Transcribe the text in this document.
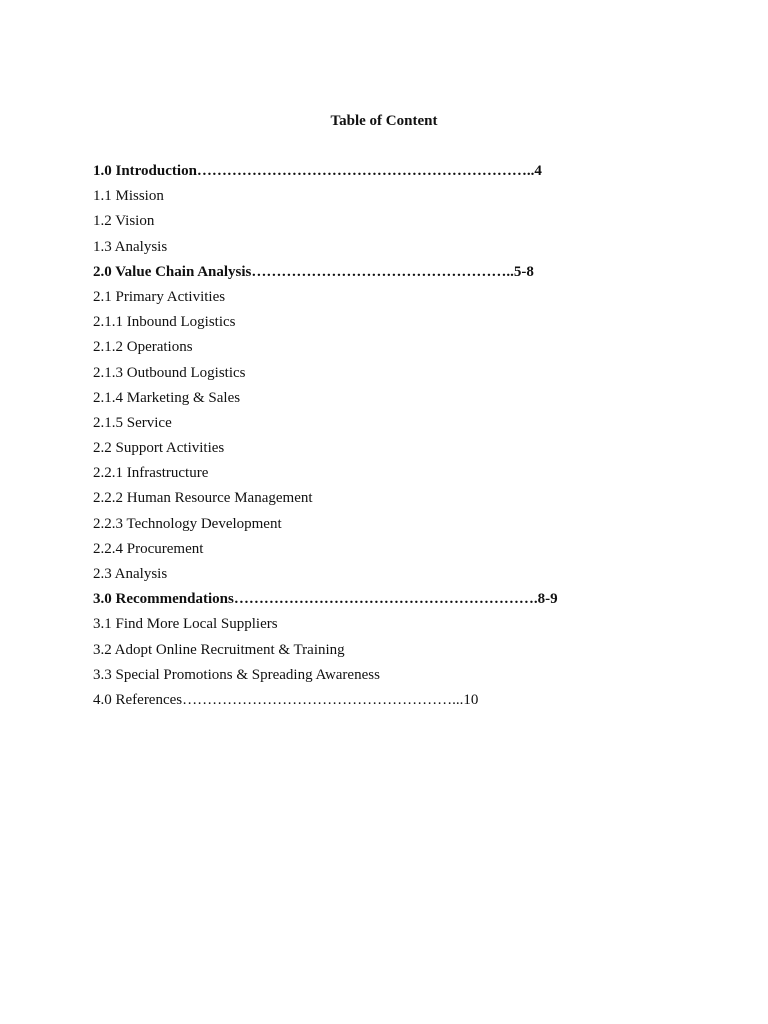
Table of Content
1.0 Introduction…………………………………………………………..4
1.1 Mission
1.2 Vision
1.3 Analysis
2.0 Value Chain Analysis……………………………………………..5-8
2.1 Primary Activities
2.1.1 Inbound Logistics
2.1.2 Operations
2.1.3 Outbound Logistics
2.1.4 Marketing & Sales
2.1.5 Service
2.2 Support Activities
2.2.1 Infrastructure
2.2.2 Human Resource Management
2.2.3 Technology Development
2.2.4 Procurement
2.3 Analysis
3.0 Recommendations…………………………………………………….8-9
3.1 Find More Local Suppliers
3.2 Adopt Online Recruitment & Training
3.3 Special Promotions & Spreading Awareness
4.0 References………………………………………………...10
